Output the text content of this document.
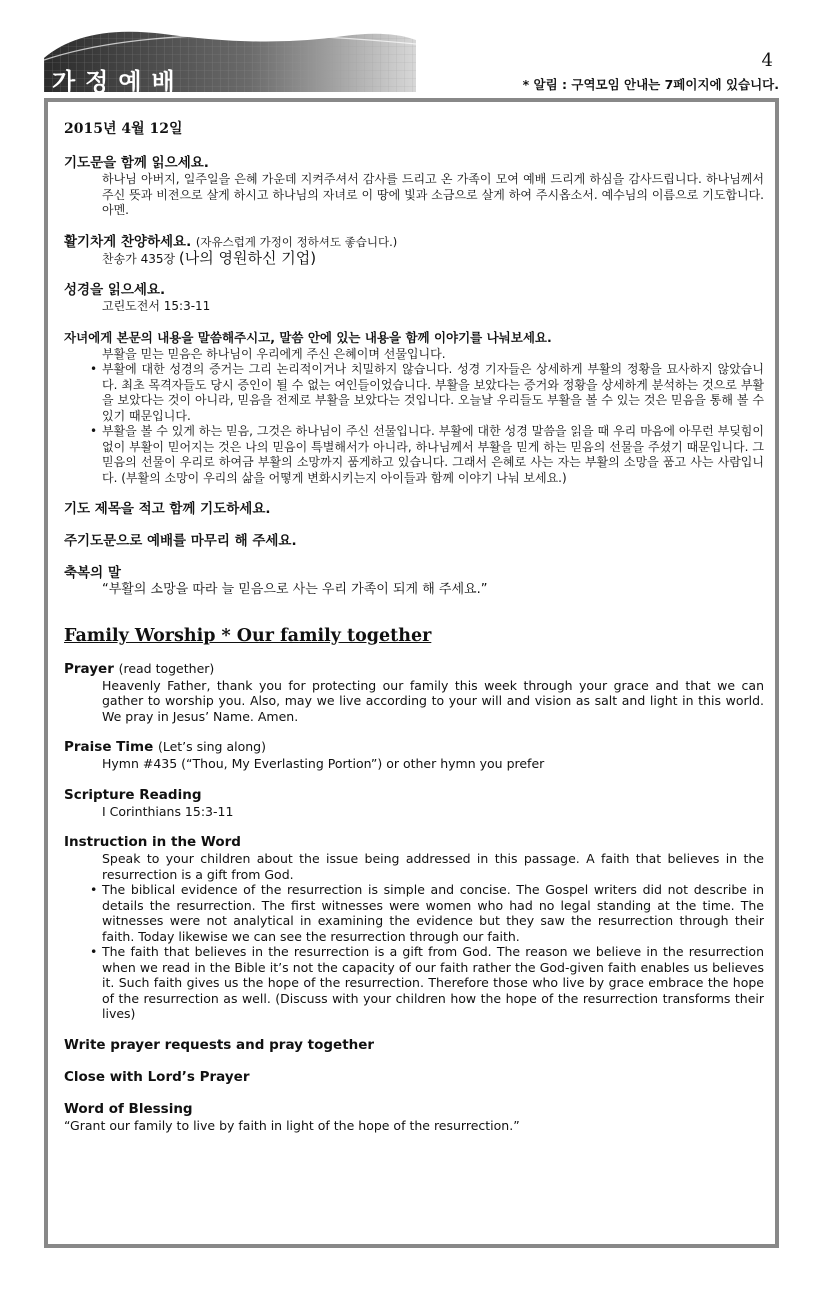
가정예배
4
* 알림 : 구역모임 안내는 7페이지에 있습니다.
2015년 4월 12일
기도문을 함께 읽으세요.
하나님 아버지, 일주일을 은혜 가운데 지켜주셔서 감사를 드리고 온 가족이 모여 예배 드리게 하심을 감사드립니다. 하나님께서 주신 뜻과 비전으로 살게 하시고 하나님의 자녀로 이 땅에 빛과 소금으로 살게 하여 주시옵소서. 예수님의 이름으로 기도합니다. 아멘.
활기차게 찬양하세요. (자유스럽게 가정이 정하셔도 좋습니다.)
찬송가 435장 (나의 영원하신 기업)
성경을 읽으세요.
고린도전서 15:3-11
자녀에게 본문의 내용을 말씀해주시고, 말씀 안에 있는 내용을 함께 이야기를 나눠보세요.
부활을 믿는 믿음은 하나님이 우리에게 주신 은혜이며 선물입니다.
• 부활에 대한 성경의 증거는 그리 논리적이거나 치밀하지 않습니다. 성경 기자들은 상세하게 부활의 정황을 묘사하지 않았습니다. 최초 목격자들도 당시 증인이 될 수 없는 여인들이었습니다. 부활을 보았다는 증거와 정황을 상세하게 분석하는 것으로 부활을 보았다는 것이 아니라, 믿음을 전제로 부활을 보았다는 것입니다. 오늘날 우리들도 부활을 볼 수 있는 것은 믿음을 통해 볼 수 있기 때문입니다.
• 부활을 볼 수 있게 하는 믿음, 그것은 하나님이 주신 선물입니다. 부활에 대한 성경 말씀을 읽을 때 우리 마음에 아무런 부딪힘이 없이 부활이 믿어지는 것은 나의 믿음이 특별해서가 아니라, 하나님께서 부활을 믿게 하는 믿음의 선물을 주셨기 때문입니다. 그 믿음의 선물이 우리로 하여금 부활의 소망까지 품게하고 있습니다. 그래서 은혜로 사는 자는 부활의 소망을 품고 사는 사람입니다. (부활의 소망이 우리의 삶을 어떻게 변화시키는지 아이들과 함께 이야기 나눠 보세요.)
기도 제목을 적고 함께 기도하세요.
주기도문으로 예배를 마무리 해 주세요.
축복의 말
“부활의 소망을 따라 늘 믿음으로 사는 우리 가족이 되게 해 주세요.”
Family Worship * Our family together
Prayer (read together)
Heavenly Father, thank you for protecting our family this week through your grace and that we can gather to worship you. Also, may we live according to your will and vision as salt and light in this world. We pray in Jesus’ Name. Amen.
Praise Time (Let’s sing along)
Hymn #435 (“Thou, My Everlasting Portion”) or other hymn you prefer
Scripture Reading
I Corinthians 15:3-11
Instruction in the Word
Speak to your children about the issue being addressed in this passage. A faith that believes in the resurrection is a gift from God.
• The biblical evidence of the resurrection is simple and concise. The Gospel writers did not describe in details the resurrection. The first witnesses were women who had no legal standing at the time. The witnesses were not analytical in examining the evidence but they saw the resurrection through their faith. Today likewise we can see the resurrection through our faith.
• The faith that believes in the resurrection is a gift from God. The reason we believe in the resurrection when we read in the Bible it’s not the capacity of our faith rather the God-given faith enables us believes it. Such faith gives us the hope of the resurrection. Therefore those who live by grace embrace the hope of the resurrection as well. (Discuss with your children how the hope of the resurrection transforms their lives)
Write prayer requests and pray together
Close with Lord’s Prayer
Word of Blessing
“Grant our family to live by faith in light of the hope of the resurrection.”
